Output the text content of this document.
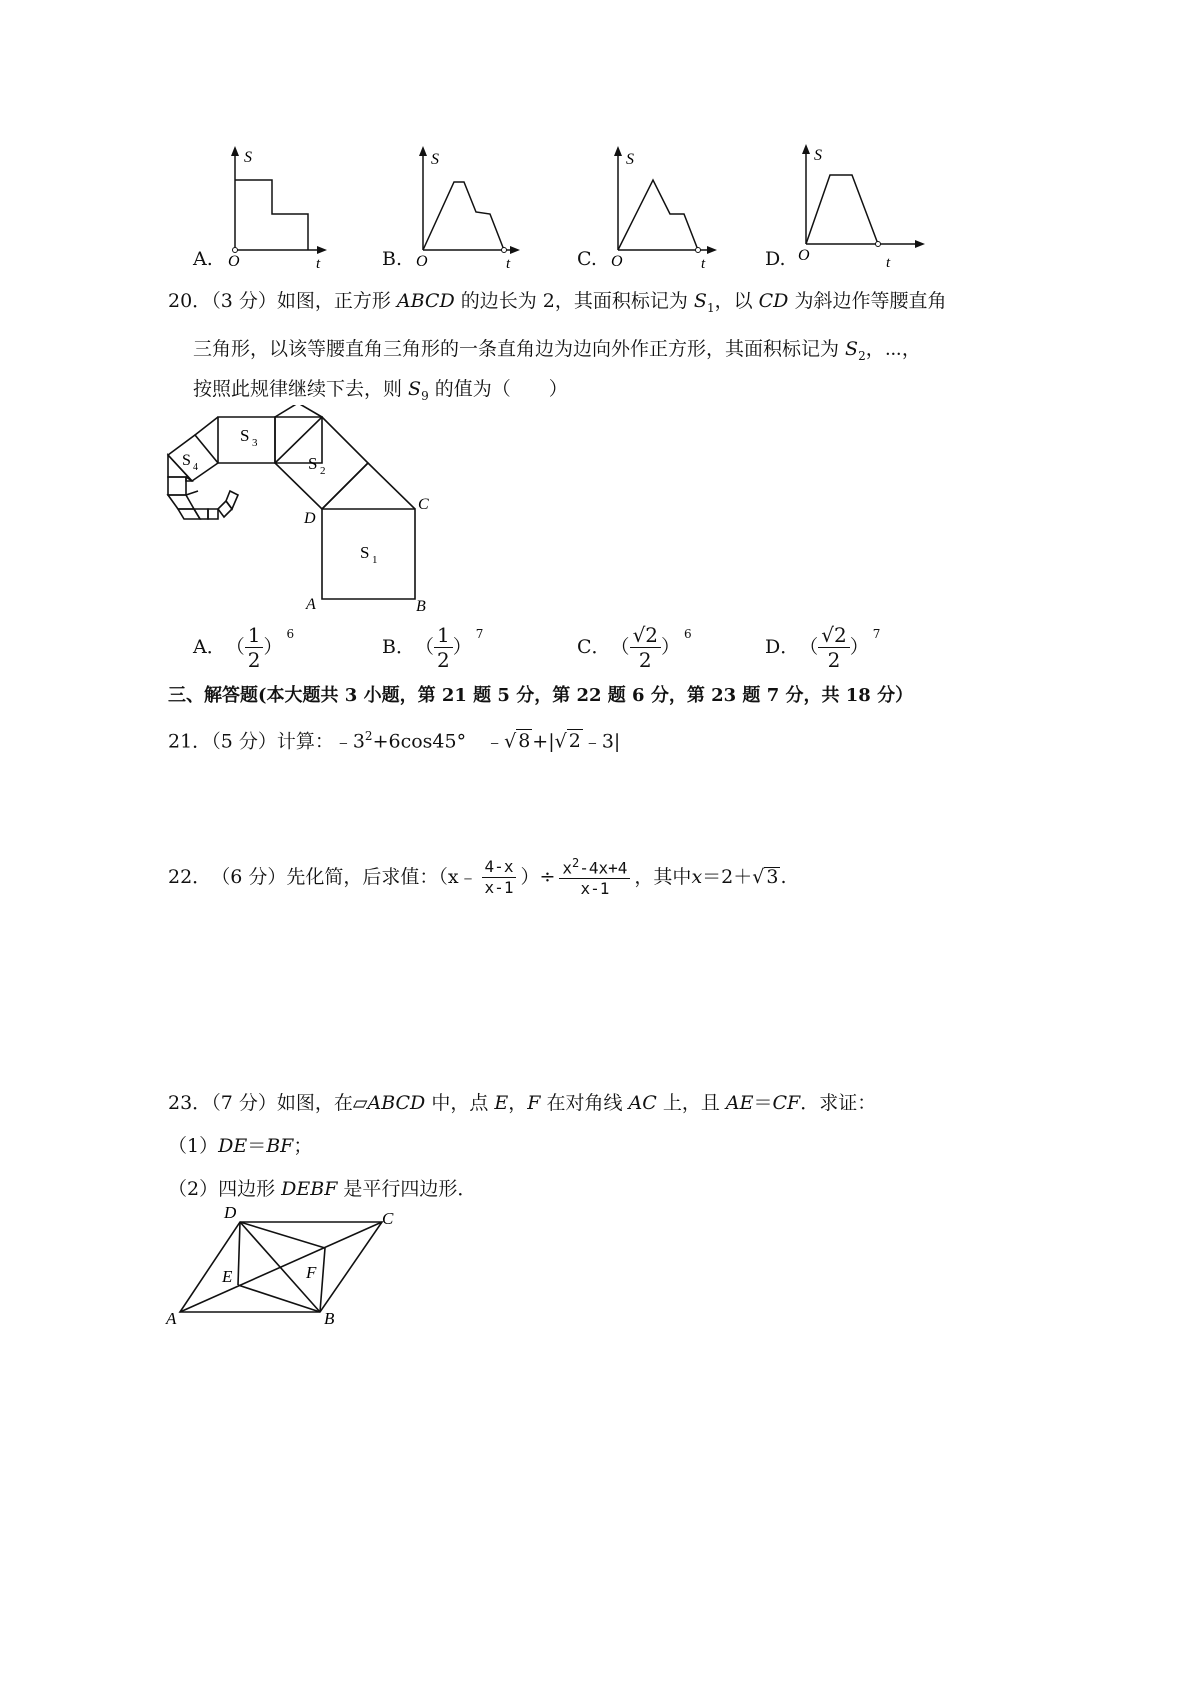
S
O	t
A.
S
O	t
B.
S
O	t
C.
S
O	t
D.
20．（3 分）如图，正方形 ABCD 的边长为 2，其面积标记为 $S_1$，以 CD 为斜边作等腰直角
三角形，以该等腰直角三角形的一条直角边为边向外作正方形，其面积标记为 $S_2$，⋯，
按照此规律继续下去，则 $S_9$ 的值为（　　）
S 3
S 2
S 4
S 1
D
C
A	B
A． （ $\frac{1}{2}$ ）
$^6$
B． （ $\frac{1}{2}$ ）
$^7$
C． （ $\frac{√2}{2}$ ）
$^6$
D． （ $\frac{√2}{2}$ ）
$^7$
三、解答题(本大题共 3 小题，第 21 题 5 分，第 22 题 6 分，第 23 题 7 分，共 18 分）
21．（5 分）计算：$﹣3^2+6\cos 45^\circ$　﹣√ 8 +|√ 2 ﹣3|
22． （6 分） 先化简，后求值：（x﹣ $\frac{4-x}{x-1}$ ）÷ $\frac{x^2-4x+4}{x-1}$ ，其中 x ＝2＋ √ 3 .
23．（7 分）如图，在▱ABCD 中，点 E，F 在对角线 AC 上，且 AE＝CF．求证：
（1）DE＝BF；
（2）四边形 DEBF 是平行四边形．
D	C
A	B
E	F
